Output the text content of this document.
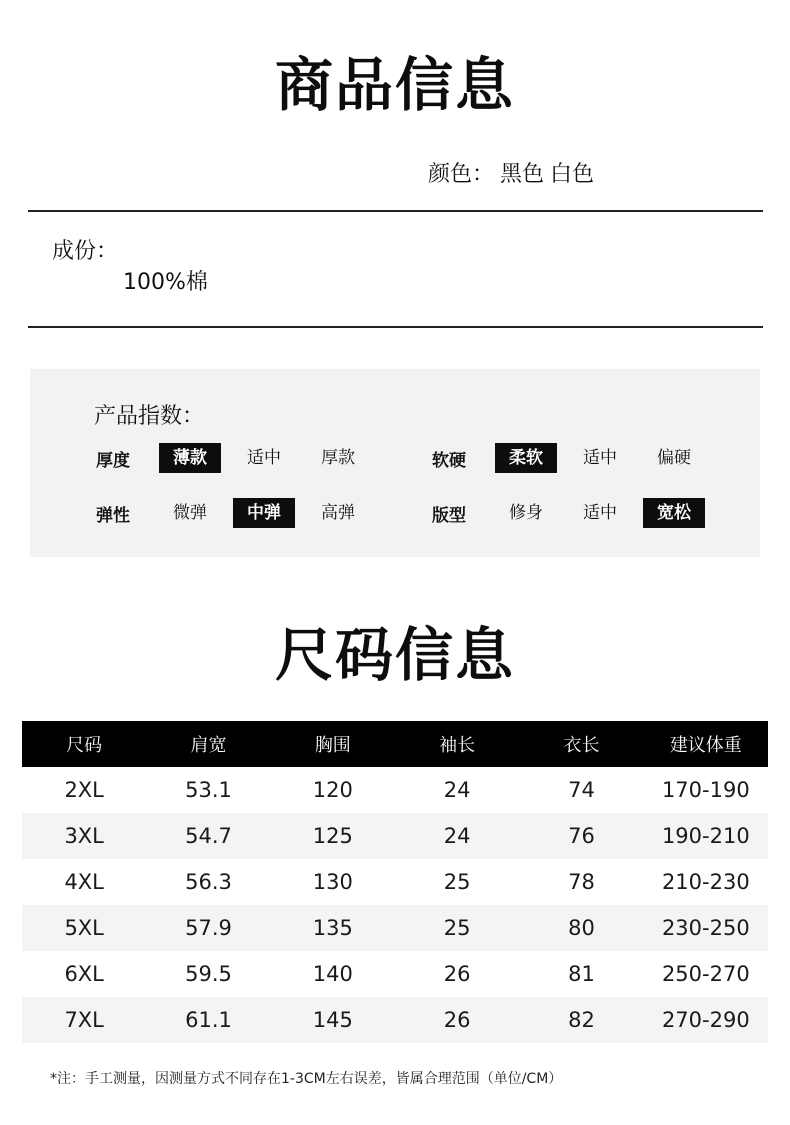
商品信息
颜色： 黑色 白色
成份：
100%棉
产品指数：
厚度	薄款	适中	厚款	软硬	柔软	适中	偏硬
弹性	微弹	中弹	高弹	版型	修身	适中	宽松
尺码信息
尺码	肩宽	胸围	袖长	衣长	建议体重
2XL	53.1	120	24	74	170-190
3XL	54.7	125	24	76	190-210
4XL	56.3	130	25	78	210-230
5XL	57.9	135	25	80	230-250
6XL	59.5	140	26	81	250-270
7XL	61.1	145	26	82	270-290
*注：手工测量，因测量方式不同存在1-3CM左右误差，皆属合理范围（单位/CM）
